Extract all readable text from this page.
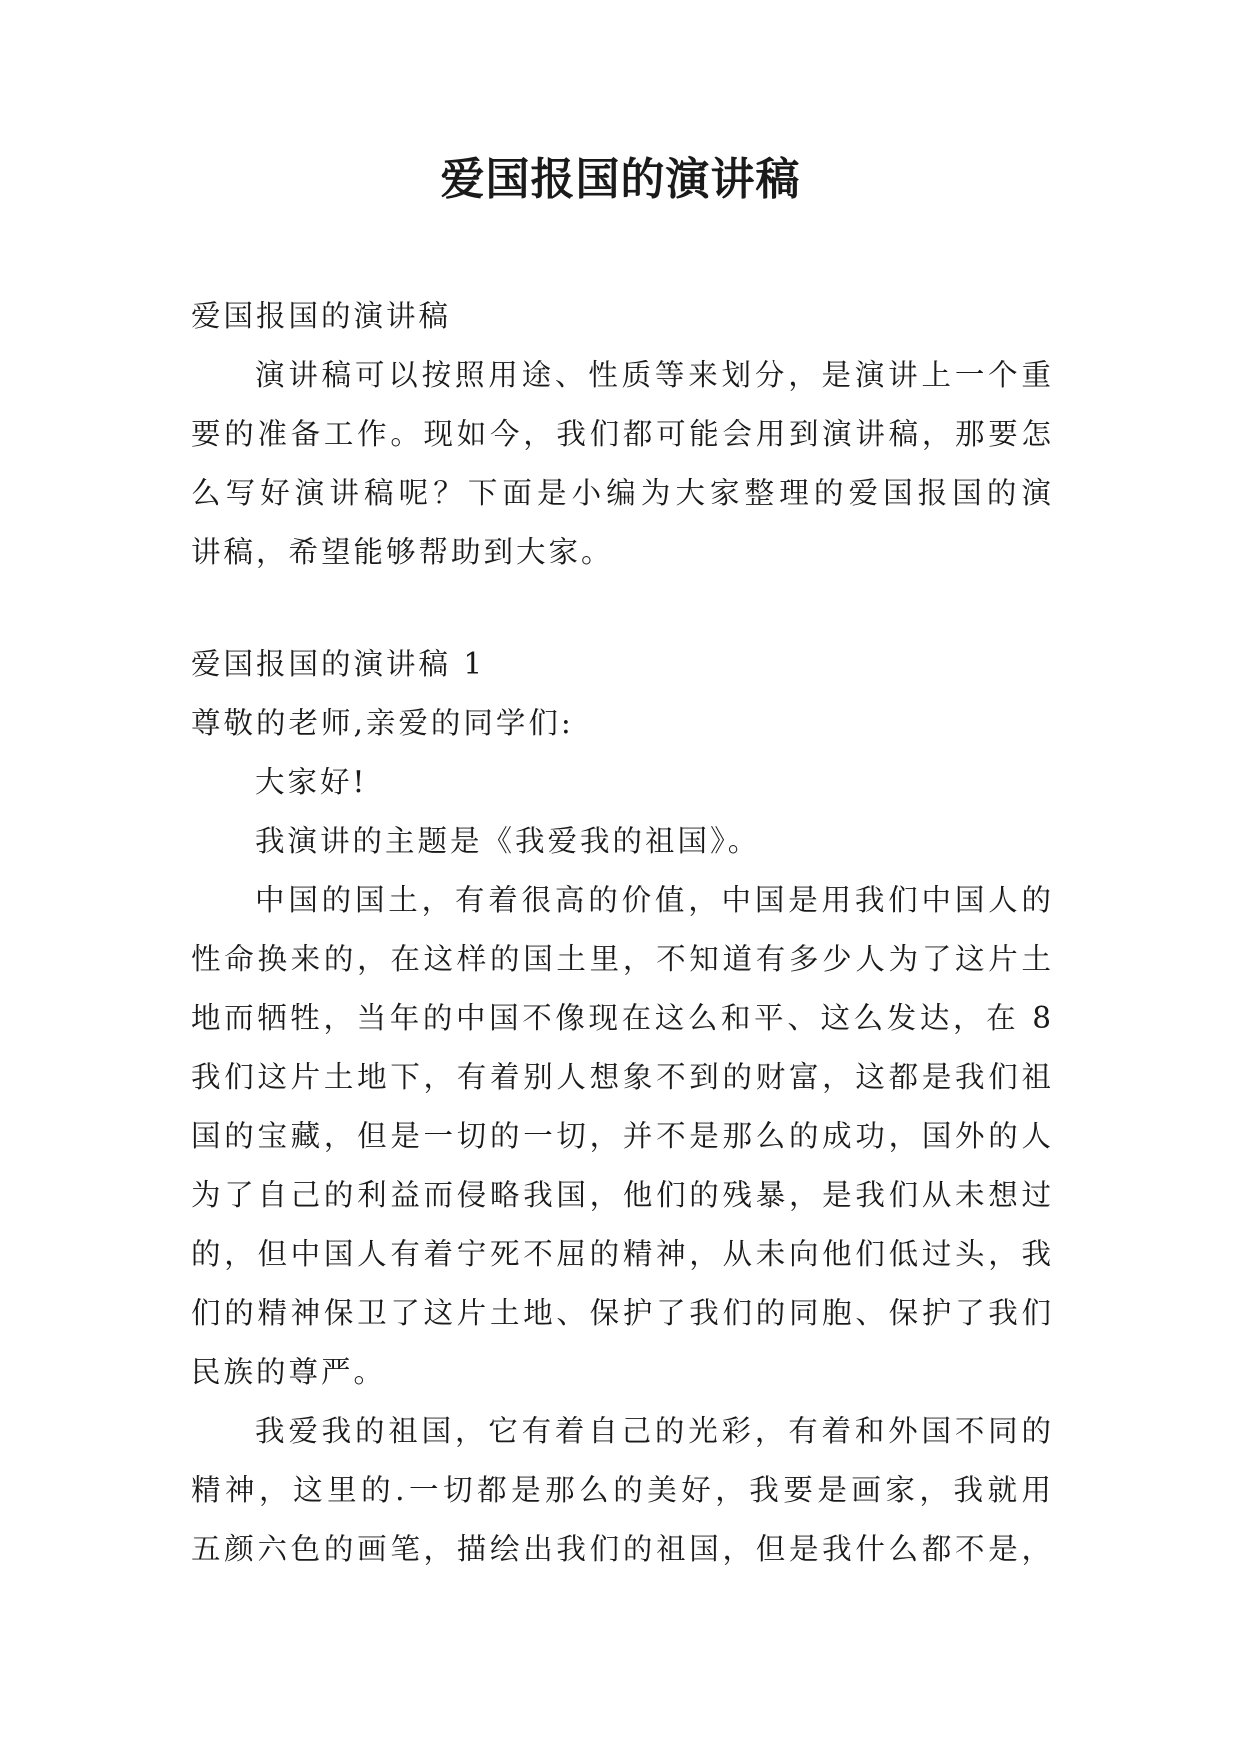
爱国报国的演讲稿
爱国报国的演讲稿
演讲稿可以按照用途、性质等来划分，是演讲上一个重
要的准备工作。现如今，我们都可能会用到演讲稿，那要怎
么写好演讲稿呢？下面是小编为大家整理的爱国报国的演
讲稿，希望能够帮助到大家。
爱国报国的演讲稿 1
尊敬的老师,亲爱的同学们:
大家好!
我演讲的主题是《我爱我的祖国》。
中国的国土，有着很高的价值，中国是用我们中国人的
性命换来的，在这样的国土里，不知道有多少人为了这片土
地而牺牲，当年的中国不像现在这么和平、这么发达，在 8
我们这片土地下，有着别人想象不到的财富，这都是我们祖
国的宝藏，但是一切的一切，并不是那么的成功，国外的人
为了自己的利益而侵略我国，他们的残暴，是我们从未想过
的，但中国人有着宁死不屈的精神，从未向他们低过头，我
们的精神保卫了这片土地、保护了我们的同胞、保护了我们
民族的尊严。
我爱我的祖国，它有着自己的光彩，有着和外国不同的
精神，这里的.一切都是那么的美好，我要是画家，我就用
五颜六色的画笔，描绘出我们的祖国，但是我什么都不是，
